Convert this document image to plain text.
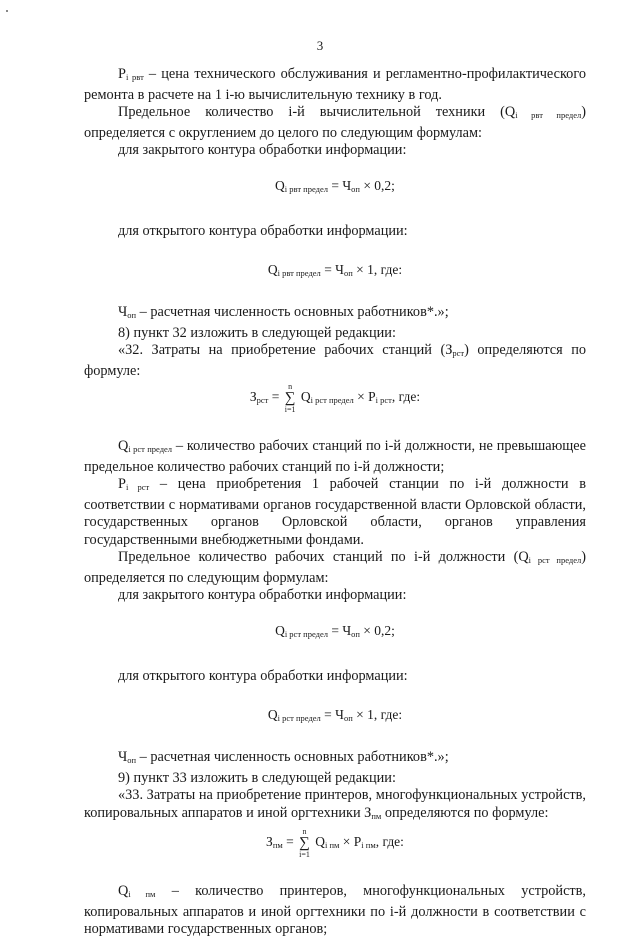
3

$P_{i рвт}$ – цена технического обслуживания и регламентно-профилактического ремонта в расчете на 1 i-ю вычислительную технику в год.

Предельное количество i-й вычислительной техники $(Q_{i рвт предел})$ определяется с округлением до целого по следующим формулам:

для закрытого контура обработки информации:

$Q_{i рвт предел} = Ч_{оп} \times 0,2$;

для открытого контура обработки информации:

$Q_{i рвт предел} = Ч_{оп} \times 1$, где:

$Ч_{оп}$ – расчетная численность основных работников*.»;

8) пункт 32 изложить в следующей редакции:

«32. Затраты на приобретение рабочих станций $(З_{рст})$ определяются по формуле:

$З_{рст}$ =
n
∑
i=1
$Q_{i рст предел} \times P_{i рст}$, где:

$Q_{i рст предел}$ – количество рабочих станций по i-й должности, не превышающее предельное количество рабочих станций по i-й должности;

$P_{i рст}$ – цена приобретения 1 рабочей станции по i-й должности в соответствии с нормативами органов государственной власти Орловской области, государственных органов Орловской области, органов управления государственными внебюджетными фондами.

Предельное количество рабочих станций по i-й должности $(Q_{i рст предел})$ определяется по следующим формулам:

для закрытого контура обработки информации:

$Q_{i рст предел} = Ч_{оп} \times 0,2$;

для открытого контура обработки информации:

$Q_{i рст предел} = Ч_{оп} \times 1$, где:

$Ч_{оп}$ – расчетная численность основных работников*.»;

9) пункт 33 изложить в следующей редакции:

«33. Затраты на приобретение принтеров, многофункциональных устройств, копировальных аппаратов и иной оргтехники $З_{пм}$ определяются по формуле:

$З_{пм}$ =
n
∑
i=1
$Q_{i пм} \times P_{i пм}$, где:

$Q_{i пм}$ – количество принтеров, многофункциональных устройств, копировальных аппаратов и иной оргтехники по i-й должности в соответствии с нормативами государственных органов;
